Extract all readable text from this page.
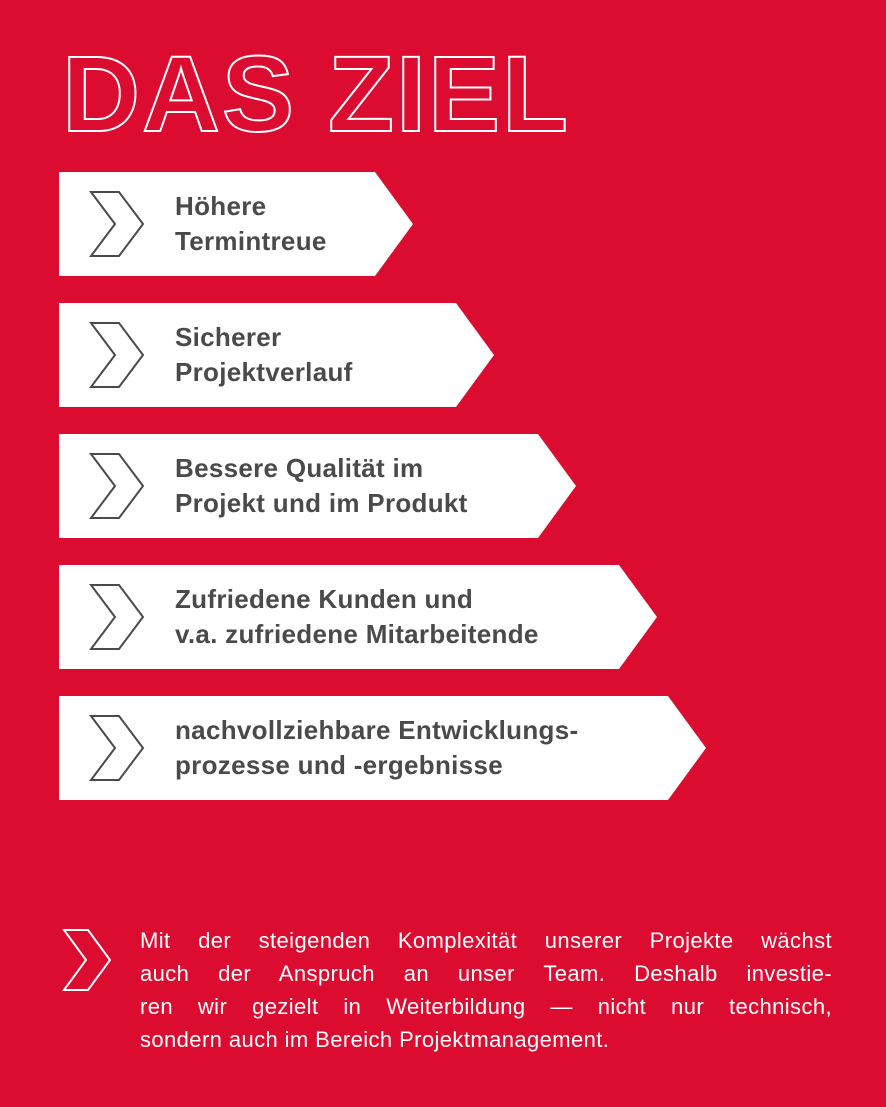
DAS ZIEL
Höhere
Termintreue
Sicherer
Projektverlauf
Bessere Qualität im
Projekt und im Produkt
Zufriedene Kunden und
v.a. zufriedene Mitarbeitende
nachvollziehbare Entwicklungs-
prozesse und -ergebnisse
Mit der steigenden Komplexität unserer Projekte wächst
auch der Anspruch an unser Team. Deshalb investie-
ren wir gezielt in Weiterbildung — nicht nur technisch,
sondern auch im Bereich Projektmanagement.
